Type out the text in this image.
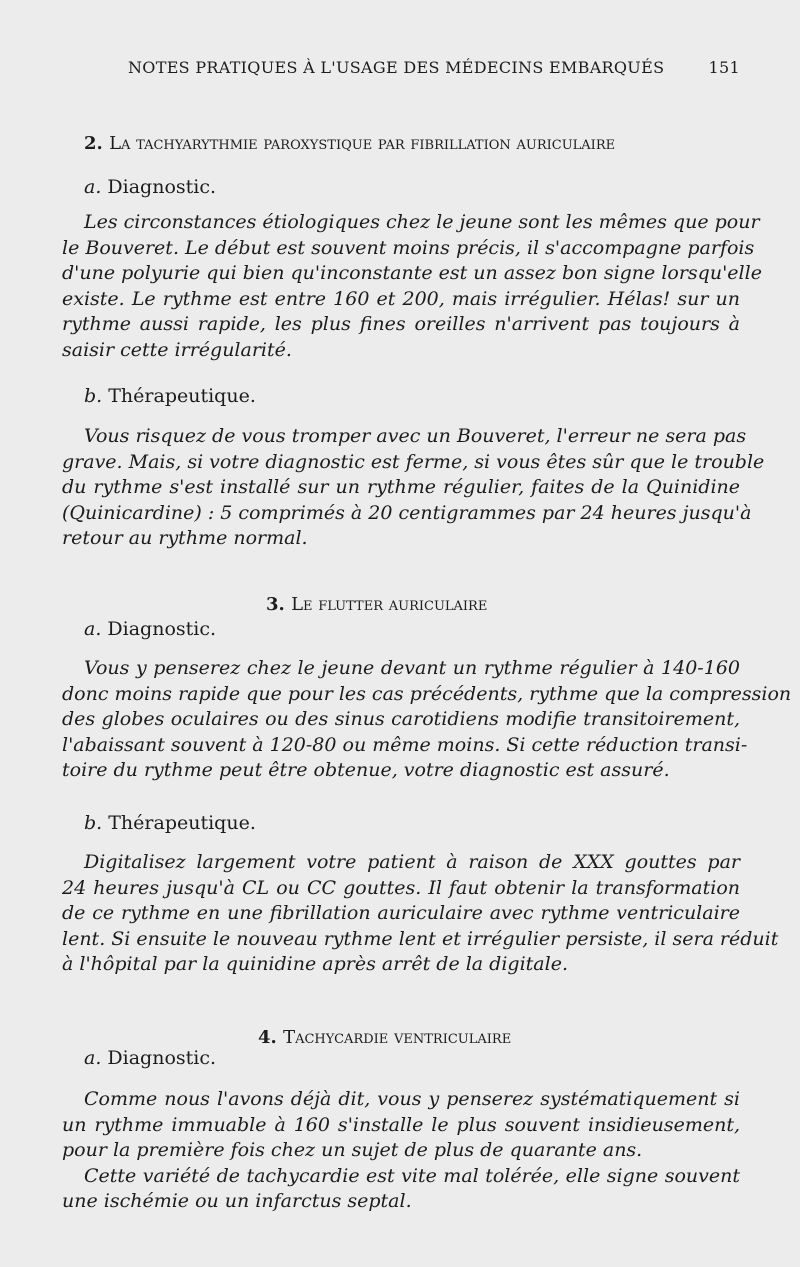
NOTES PRATIQUES À L'USAGE DES MÉDECINS EMBARQUÉS	151
2. La tachyarythmie paroxystique par fibrillation auriculaire
a. Diagnostic.

Les circonstances étiologiques chez le jeune sont les mêmes que pour
le Bouveret. Le début est souvent moins précis, il s'accompagne parfois
d'une polyurie qui bien qu'inconstante est un assez bon signe lorsqu'elle
existe. Le rythme est entre 160 et 200, mais irrégulier. Hélas! sur un
rythme aussi rapide, les plus fines oreilles n'arrivent pas toujours à
saisir cette irrégularité.

b. Thérapeutique.

Vous risquez de vous tromper avec un Bouveret, l'erreur ne sera pas
grave. Mais, si votre diagnostic est ferme, si vous êtes sûr que le trouble
du rythme s'est installé sur un rythme régulier, faites de la Quinidine
(Quinicardine) : 5 comprimés à 20 centigrammes par 24 heures jusqu'à
retour au rythme normal.

3. Le flutter auriculaire
a. Diagnostic.

Vous y penserez chez le jeune devant un rythme régulier à 140-160
donc moins rapide que pour les cas précédents, rythme que la compression
des globes oculaires ou des sinus carotidiens modifie transitoirement,
l'abaissant souvent à 120-80 ou même moins. Si cette réduction transi-
toire du rythme peut être obtenue, votre diagnostic est assuré.

b. Thérapeutique.

Digitalisez largement votre patient à raison de XXX gouttes par
24 heures jusqu'à CL ou CC gouttes. Il faut obtenir la transformation
de ce rythme en une fibrillation auriculaire avec rythme ventriculaire
lent. Si ensuite le nouveau rythme lent et irrégulier persiste, il sera réduit
à l'hôpital par la quinidine après arrêt de la digitale.

4. Tachycardie ventriculaire
a. Diagnostic.

Comme nous l'avons déjà dit, vous y penserez systématiquement si
un rythme immuable à 160 s'installe le plus souvent insidieusement,
pour la première fois chez un sujet de plus de quarante ans.
Cette variété de tachycardie est vite mal tolérée, elle signe souvent
une ischémie ou un infarctus septal.
